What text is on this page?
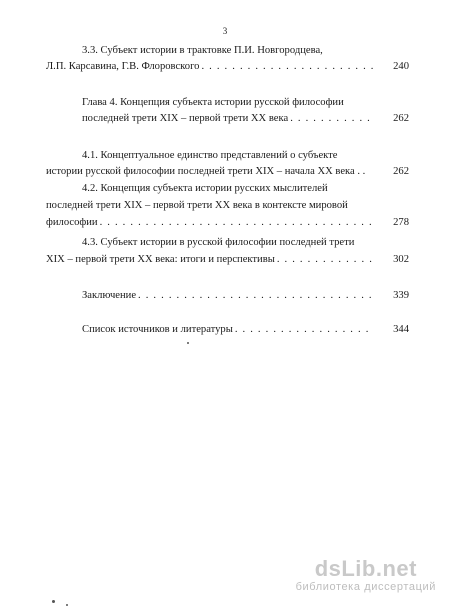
3
3.3. Субъект истории в трактовке П.И. Новгородцева,
Л.П. Карсавина, Г.В. Флоровского . . .	240
Глава 4. Концепция субъекта истории русской философии
последней трети XIX – первой трети XX века . . .	262
4.1. Концептуальное единство представлений о субъекте
истории русской философии последней трети XIX – начала XX века . .	262
4.2. Концепция субъекта истории русских мыслителей
последней трети XIX – первой трети XX века в контексте мировой
философии . . .	278
4.3. Субъект истории в русской философии последней трети
XIX – первой трети XX века: итоги и перспективы . . .	302
Заключение . . .	339
Список источников и литературы . . .	344
dsLib.net
библиотека диссертаций
